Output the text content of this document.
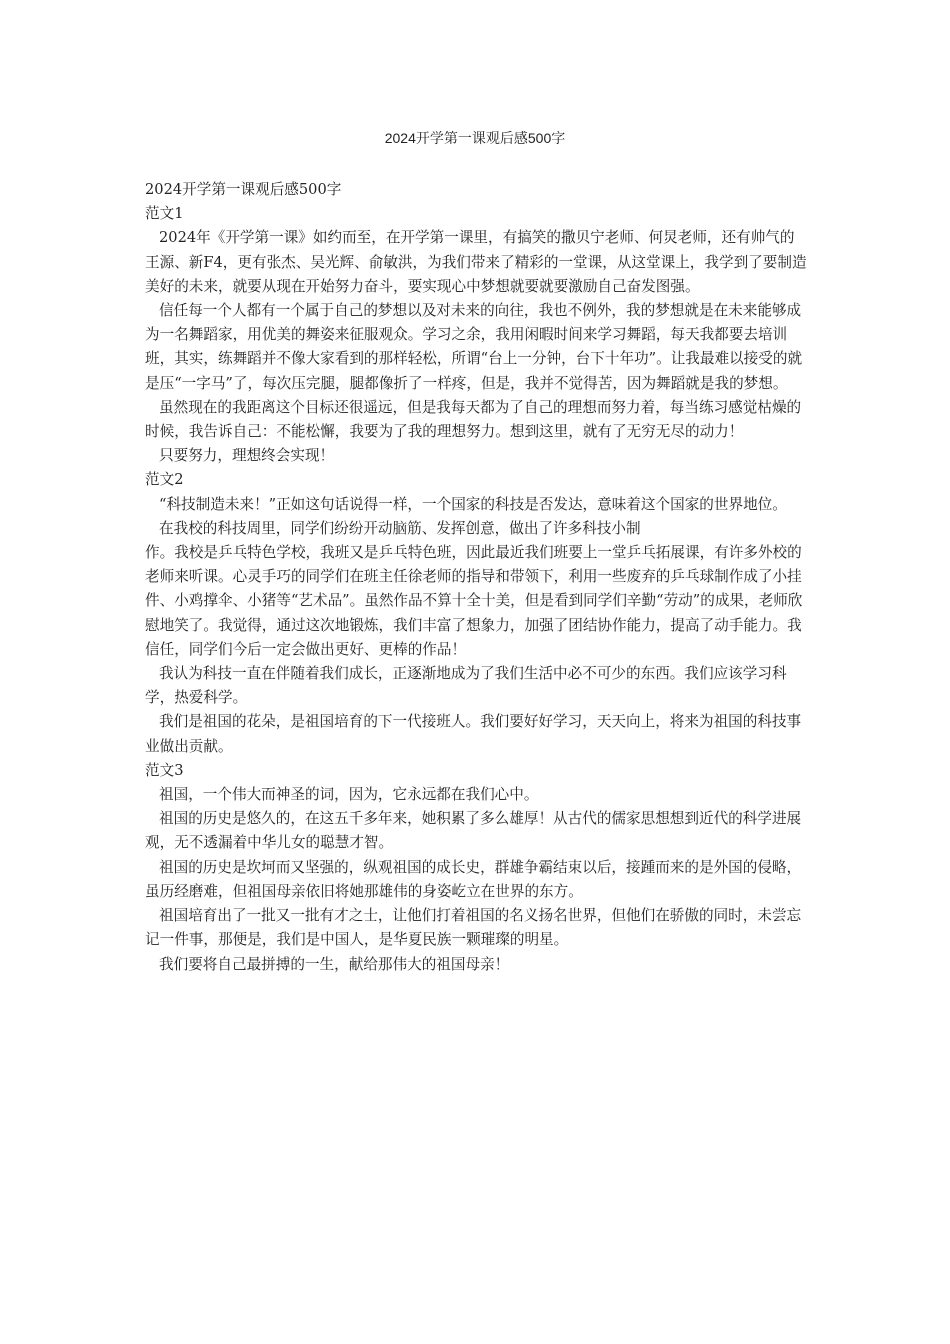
2024开学第一课观后感500字

2024开学第一课观后感500字

范文1

2024年《开学第一课》如约而至，在开学第一课里，有搞笑的撒贝宁老师、何炅老师，还有帅气的王源、新F4，更有张杰、吴光辉、俞敏洪，为我们带来了精彩的一堂课，从这堂课上，我学到了要制造美好的未来，就要从现在开始努力奋斗，要实现心中梦想就要就要激励自己奋发图强。

信任每一个人都有一个属于自己的梦想以及对未来的向往，我也不例外，我的梦想就是在未来能够成为一名舞蹈家，用优美的舞姿来征服观众。学习之余，我用闲暇时间来学习舞蹈，每天我都要去培训班，其实，练舞蹈并不像大家看到的那样轻松，所谓“台上一分钟，台下十年功”。让我最难以接受的就是压“一字马”了，每次压完腿，腿都像折了一样疼，但是，我并不觉得苦，因为舞蹈就是我的梦想。

虽然现在的我距离这个目标还很遥远，但是我每天都为了自己的理想而努力着，每当练习感觉枯燥的时候，我告诉自己：不能松懈，我要为了我的理想努力。想到这里，就有了无穷无尽的动力！

只要努力，理想终会实现！

范文2

“科技制造未来！”正如这句话说得一样，一个国家的科技是否发达，意味着这个国家的世界地位。

在我校的科技周里，同学们纷纷开动脑筋、发挥创意，做出了许多科技小制

作。我校是乒乓特色学校，我班又是乒乓特色班，因此最近我们班要上一堂乒乓拓展课，有许多外校的老师来听课。心灵手巧的同学们在班主任徐老师的指导和带领下，利用一些废弃的乒乓球制作成了小挂件、小鸡撑伞、小猪等“艺术品”。虽然作品不算十全十美，但是看到同学们辛勤“劳动”的成果，老师欣慰地笑了。我觉得，通过这次地锻炼，我们丰富了想象力，加强了团结协作能力，提高了动手能力。我信任，同学们今后一定会做出更好、更棒的作品！

我认为科技一直在伴随着我们成长，正逐渐地成为了我们生活中必不可少的东西。我们应该学习科学，热爱科学。

我们是祖国的花朵，是祖国培育的下一代接班人。我们要好好学习，天天向上，将来为祖国的科技事业做出贡献。

范文3

祖国，一个伟大而神圣的词，因为，它永远都在我们心中。

祖国的历史是悠久的，在这五千多年来，她积累了多么雄厚！从古代的儒家思想想到近代的科学进展观，无不透漏着中华儿女的聪慧才智。

祖国的历史是坎坷而又坚强的，纵观祖国的成长史，群雄争霸结束以后，接踵而来的是外国的侵略，虽历经磨难，但祖国母亲依旧将她那雄伟的身姿屹立在世界的东方。

祖国培育出了一批又一批有才之士，让他们打着祖国的名义扬名世界，但他们在骄傲的同时，未尝忘记一件事，那便是，我们是中国人，是华夏民族一颗璀璨的明星。

我们要将自己最拼搏的一生，献给那伟大的祖国母亲！
